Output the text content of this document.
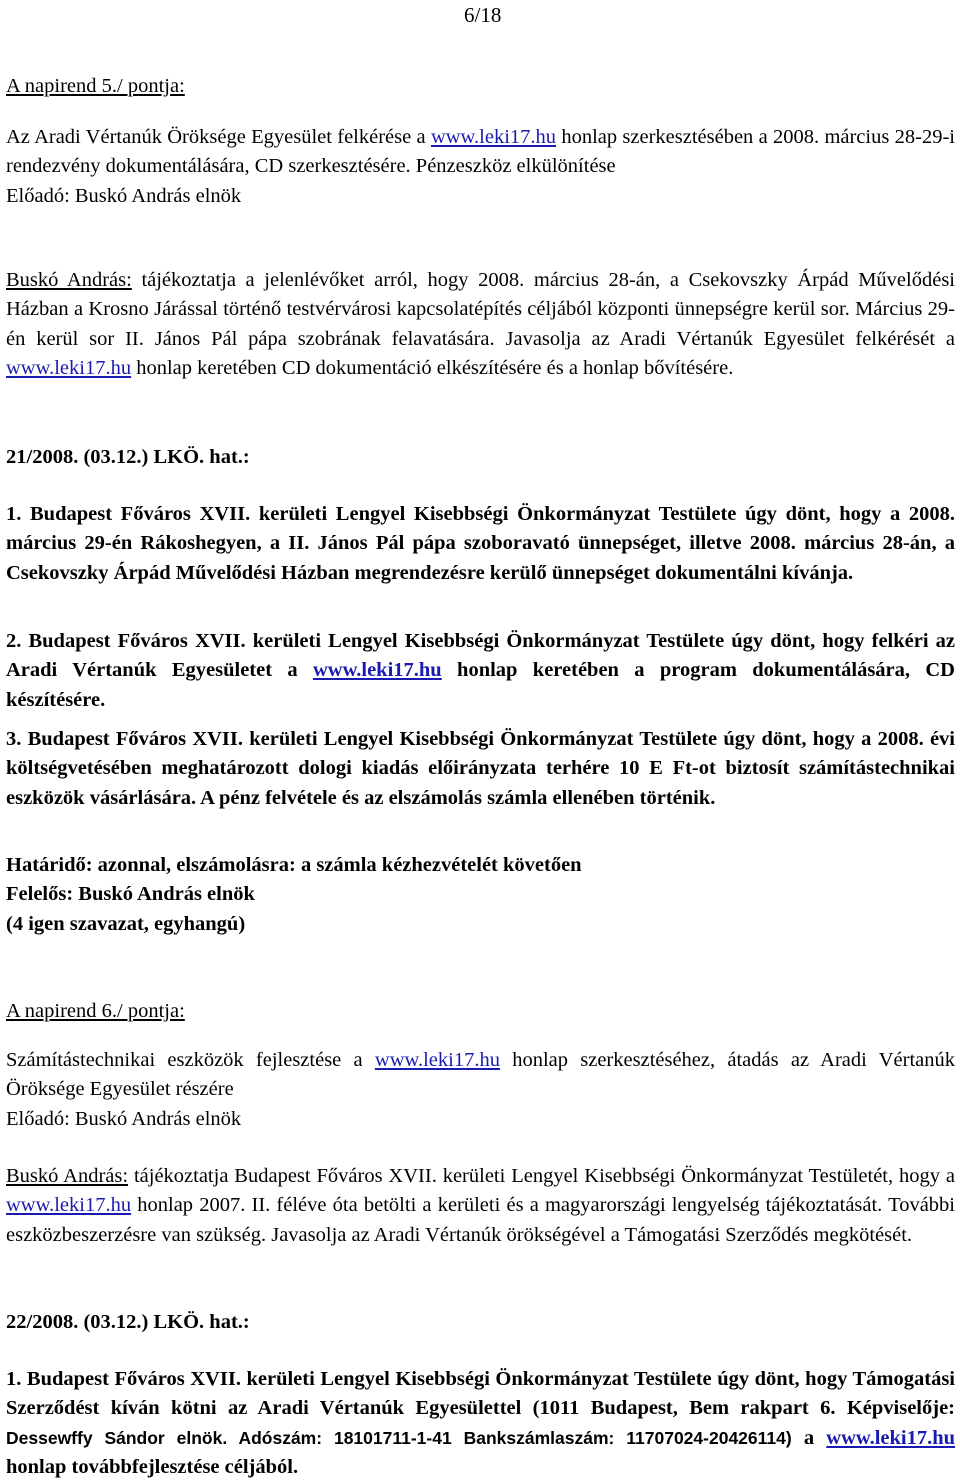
6/18

A napirend 5./ pontja:

Az Aradi Vértanúk Öröksége Egyesület felkérése a www.leki17.hu honlap szerkesztésében a 2008. március 28-29-i rendezvény dokumentálására, CD szerkesztésére. Pénzeszköz elkülönítése

Előadó: Buskó András elnök

Buskó András: tájékoztatja a jelenlévőket arról, hogy 2008. március 28-án, a Csekovszky Árpád Művelődési Házban a Krosno Járással történő testvérvárosi kapcsolatépítés céljából központi ünnepségre kerül sor. Március 29-én kerül sor II. János Pál pápa szobrának felavatására. Javasolja az Aradi Vértanúk Egyesület felkérését a www.leki17.hu honlap keretében CD dokumentáció elkészítésére és a honlap bővítésére.

21/2008. (03.12.) LKÖ. hat.:

1. Budapest Főváros XVII. kerületi Lengyel Kisebbségi Önkormányzat Testülete úgy dönt, hogy a 2008. március 29-én Rákoshegyen, a II. János Pál pápa szoboravató ünnepséget, illetve 2008. március 28-án, a Csekovszky Árpád Művelődési Házban megrendezésre kerülő ünnepséget dokumentálni kívánja.

2. Budapest Főváros XVII. kerületi Lengyel Kisebbségi Önkormányzat Testülete úgy dönt, hogy felkéri az Aradi Vértanúk Egyesületet a www.leki17.hu honlap keretében a program dokumentálására, CD készítésére.

3. Budapest Főváros XVII. kerületi Lengyel Kisebbségi Önkormányzat Testülete úgy dönt, hogy a 2008. évi költségvetésében meghatározott dologi kiadás előirányzata terhére 10 E Ft-ot biztosít számítástechnikai eszközök vásárlására. A pénz felvétele és az elszámolás számla ellenében történik.

Határidő: azonnal, elszámolásra: a számla kézhezvételét követően

Felelős: Buskó András elnök

(4 igen szavazat, egyhangú)

A napirend 6./ pontja:

Számítástechnikai eszközök fejlesztése a www.leki17.hu honlap szerkesztéséhez, átadás az Aradi Vértanúk Öröksége Egyesület részére

Előadó: Buskó András elnök

Buskó András: tájékoztatja Budapest Főváros XVII. kerületi Lengyel Kisebbségi Önkormányzat Testületét, hogy a www.leki17.hu honlap 2007. II. féléve óta betölti a kerületi és a magyarországi lengyelség tájékoztatását. További eszközbeszerzésre van szükség. Javasolja az Aradi Vértanúk örökségével a Támogatási Szerződés megkötését.

22/2008. (03.12.) LKÖ. hat.:

1. Budapest Főváros XVII. kerületi Lengyel Kisebbségi Önkormányzat Testülete úgy dönt, hogy Támogatási Szerződést kíván kötni az Aradi Vértanúk Egyesülettel (1011 Budapest, Bem rakpart 6. Képviselője: Dessewffy Sándor elnök. Adószám: 18101711-1-41 Bankszámlaszám: 11707024-20426114) a www.leki17.hu honlap továbbfejlesztése céljából.
